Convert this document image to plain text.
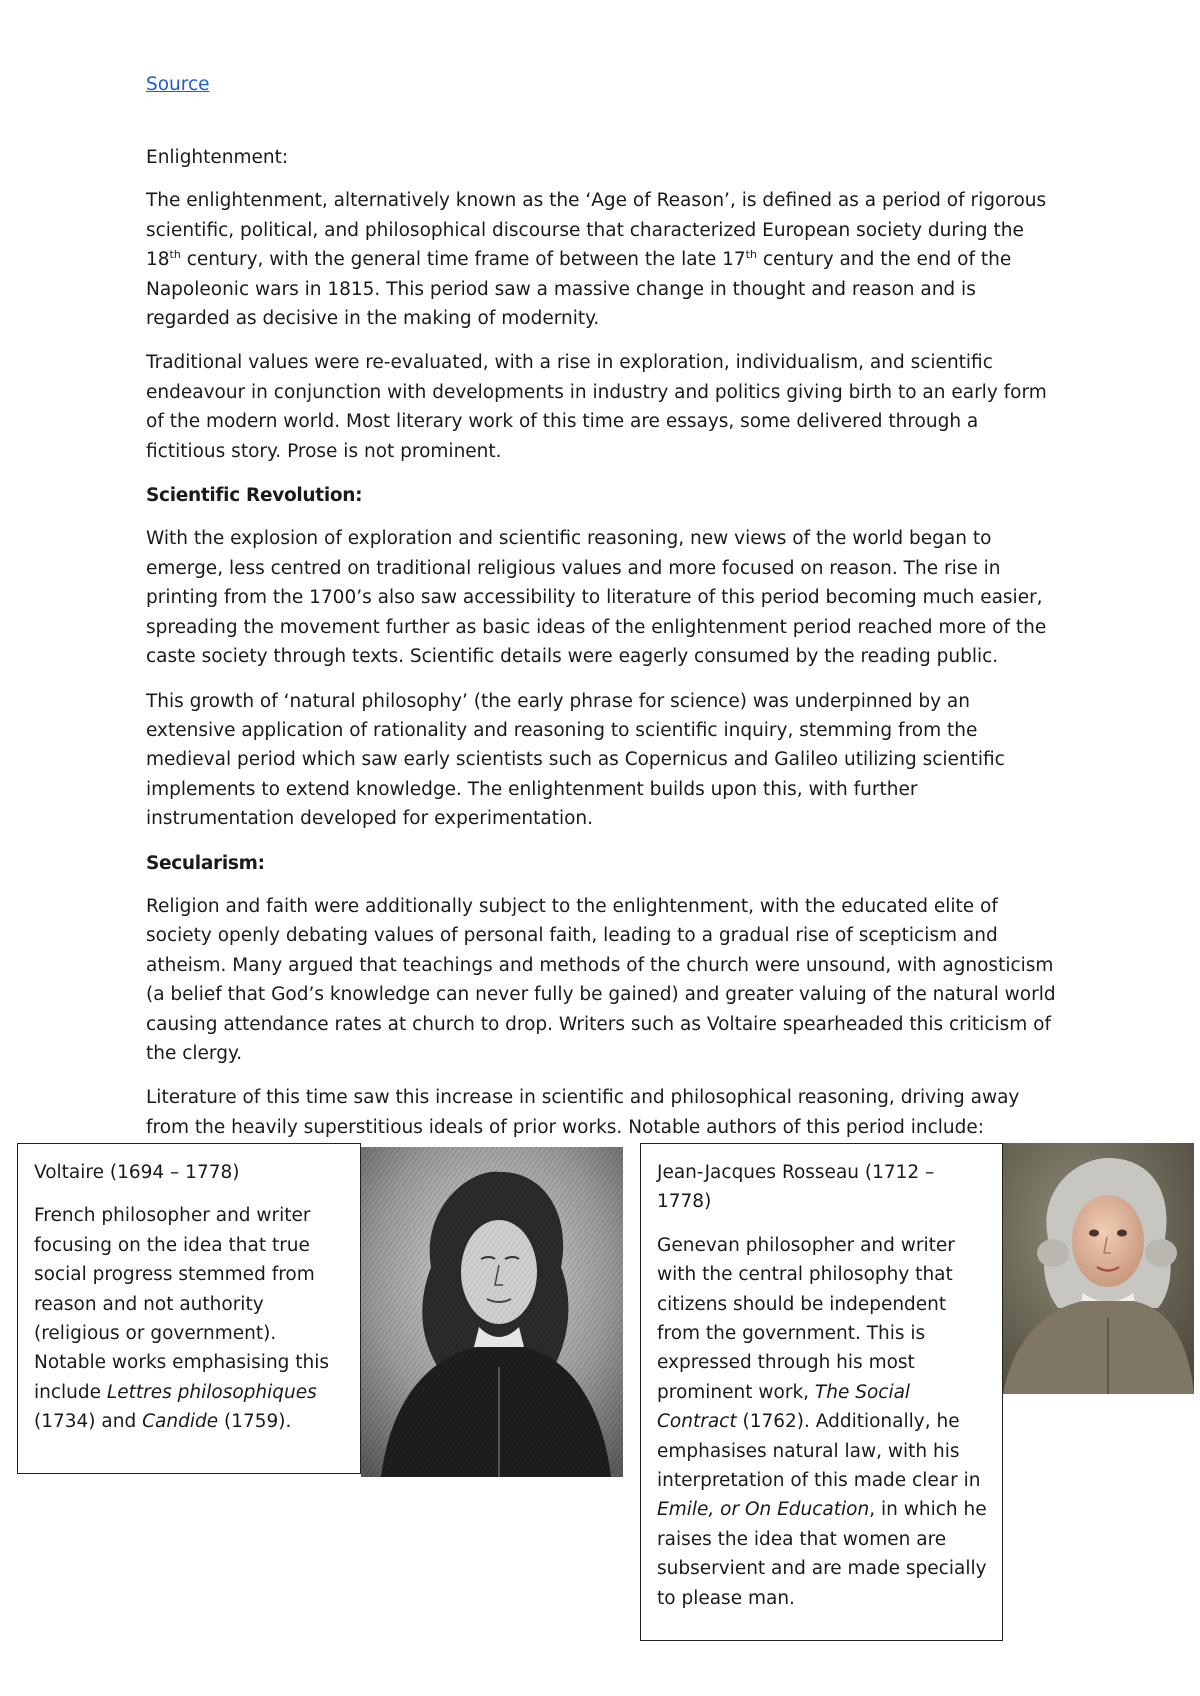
Source

Enlightenment:

The enlightenment, alternatively known as the ‘Age of Reason’, is defined as a period of rigorous scientific, political, and philosophical discourse that characterized European society during the 18th century, with the general time frame of between the late 17th century and the end of the Napoleonic wars in 1815. This period saw a massive change in thought and reason and is regarded as decisive in the making of modernity.

Traditional values were re-evaluated, with a rise in exploration, individualism, and scientific endeavour in conjunction with developments in industry and politics giving birth to an early form of the modern world. Most literary work of this time are essays, some delivered through a fictitious story. Prose is not prominent.

Scientific Revolution:

With the explosion of exploration and scientific reasoning, new views of the world began to emerge, less centred on traditional religious values and more focused on reason. The rise in printing from the 1700’s also saw accessibility to literature of this period becoming much easier, spreading the movement further as basic ideas of the enlightenment period reached more of the caste society through texts. Scientific details were eagerly consumed by the reading public.

This growth of ‘natural philosophy’ (the early phrase for science) was underpinned by an extensive application of rationality and reasoning to scientific inquiry, stemming from the medieval period which saw early scientists such as Copernicus and Galileo utilizing scientific implements to extend knowledge. The enlightenment builds upon this, with further instrumentation developed for experimentation.

Secularism:

Religion and faith were additionally subject to the enlightenment, with the educated elite of society openly debating values of personal faith, leading to a gradual rise of scepticism and atheism. Many argued that teachings and methods of the church were unsound, with agnosticism (a belief that God’s knowledge can never fully be gained) and greater valuing of the natural world causing attendance rates at church to drop. Writers such as Voltaire spearheaded this criticism of the clergy.

Literature of this time saw this increase in scientific and philosophical reasoning, driving away from the heavily superstitious ideals of prior works. Notable authors of this period include:

Voltaire (1694 – 1778)

French philosopher and writer focusing on the idea that true social progress stemmed from reason and not authority (religious or government). Notable works emphasising this include Lettres philosophiques (1734) and Candide (1759).

Jean-Jacques Rosseau (1712 – 1778)

Genevan philosopher and writer with the central philosophy that citizens should be independent from the government. This is expressed through his most prominent work, The Social Contract (1762). Additionally, he emphasises natural law, with his interpretation of this made clear in Emile, or On Education, in which he raises the idea that women are subservient and are made specially to please man.
